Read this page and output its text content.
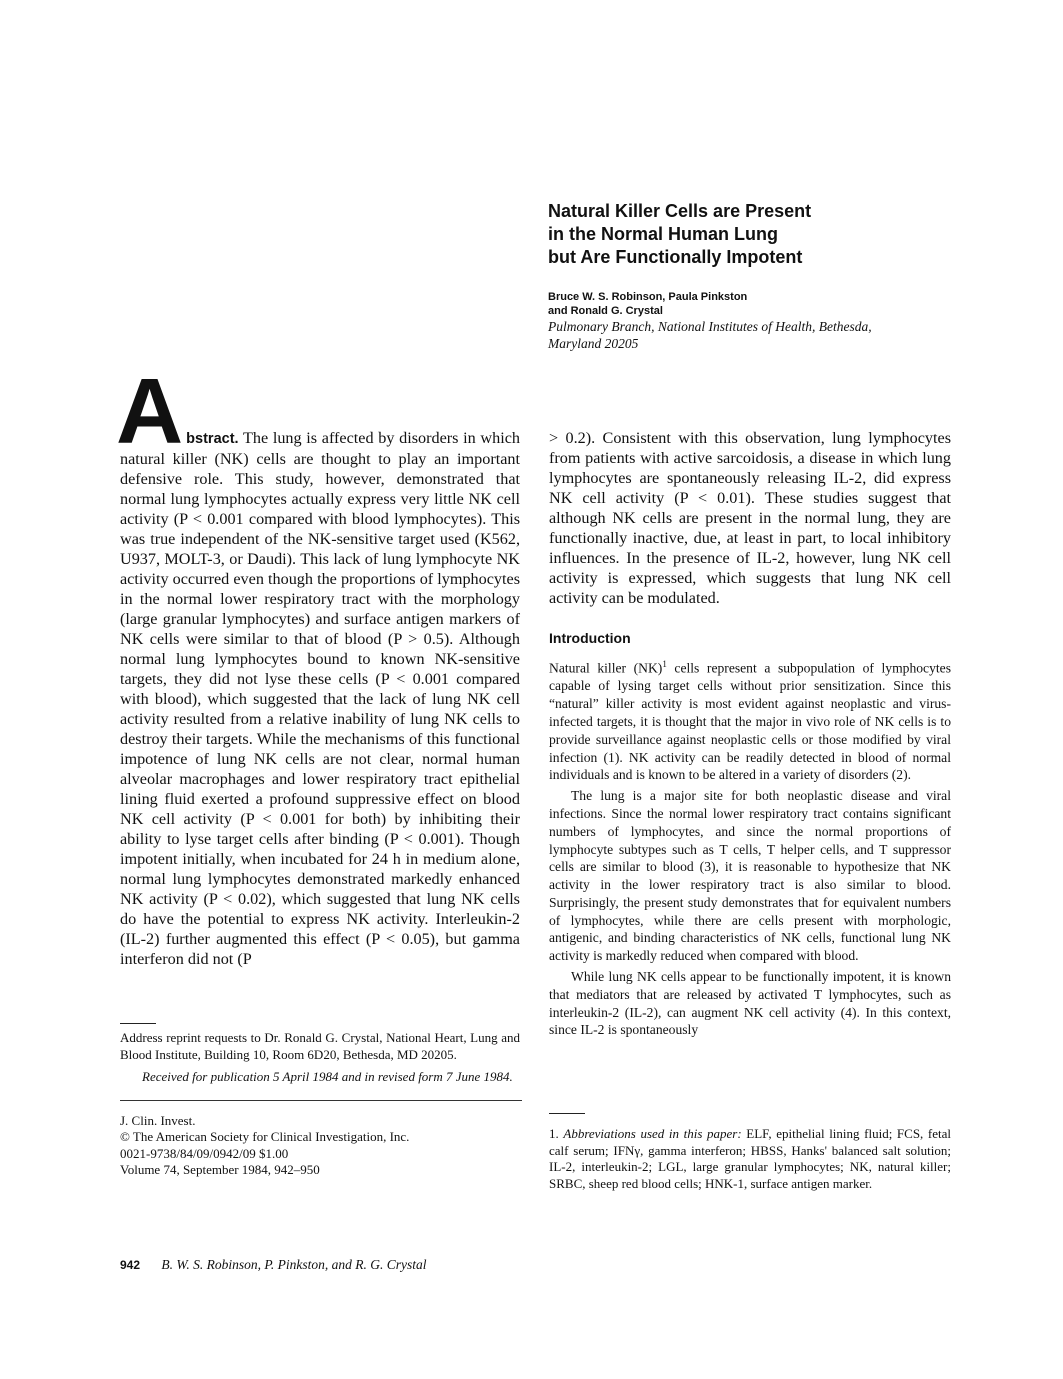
Natural Killer Cells are Present
in the Normal Human Lung
but Are Functionally Impotent
Bruce W. S. Robinson, Paula Pinkston
and Ronald G. Crystal
Pulmonary Branch, National Institutes of Health, Bethesda,
Maryland 20205
A bstract. The lung is affected by disorders in which natural killer (NK) cells are thought to play an important defensive role. This study, however, demonstrated that normal lung lymphocytes actually express very little NK cell activity (P < 0.001 compared with blood lymphocytes). This was true independent of the NK-sensitive target used (K562, U937, MOLT-3, or Daudi). This lack of lung lymphocyte NK activity occurred even though the proportions of lymphocytes in the normal lower respiratory tract with the morphology (large granular lymphocytes) and surface antigen markers of NK cells were similar to that of blood (P > 0.5). Although normal lung lymphocytes bound to known NK-sensitive targets, they did not lyse these cells (P < 0.001 compared with blood), which suggested that the lack of lung NK cell activity resulted from a relative inability of lung NK cells to destroy their targets. While the mechanisms of this functional impotence of lung NK cells are not clear, normal human alveolar macrophages and lower respiratory tract epithelial lining fluid exerted a profound suppressive effect on blood NK cell activity (P < 0.001 for both) by inhibiting their ability to lyse target cells after binding (P < 0.001). Though impotent initially, when incubated for 24 h in medium alone, normal lung lymphocytes demonstrated markedly enhanced NK activity (P < 0.02), which suggested that lung NK cells do have the potential to express NK activity. Interleukin-2 (IL-2) further augmented this effect (P < 0.05), but gamma interferon did not (P

> 0.2). Consistent with this observation, lung lymphocytes from patients with active sarcoidosis, a disease in which lung lymphocytes are spontaneously releasing IL-2, did express NK cell activity (P < 0.01). These studies suggest that although NK cells are present in the normal lung, they are functionally inactive, due, at least in part, to local inhibitory influences. In the presence of IL-2, however, lung NK cell activity is expressed, which suggests that lung NK cell activity can be modulated.

Introduction

Natural killer (NK)$^1$ cells represent a subpopulation of lymphocytes capable of lysing target cells without prior sensitization. Since this “natural” killer activity is most evident against neoplastic and virus-infected targets, it is thought that the major in vivo role of NK cells is to provide surveillance against neoplastic cells or those modified by viral infection (1). NK activity can be readily detected in blood of normal individuals and is known to be altered in a variety of disorders (2).

The lung is a major site for both neoplastic disease and viral infections. Since the normal lower respiratory tract contains significant numbers of lymphocytes, and since the normal proportions of lymphocyte subtypes such as T cells, T helper cells, and T suppressor cells are similar to blood (3), it is reasonable to hypothesize that NK activity in the lower respiratory tract is also similar to blood. Surprisingly, the present study demonstrates that for equivalent numbers of lymphocytes, while there are cells present with morphologic, antigenic, and binding characteristics of NK cells, functional lung NK activity is markedly reduced when compared with blood.

While lung NK cells appear to be functionally impotent, it is known that mediators that are released by activated T lymphocytes, such as interleukin-2 (IL-2), can augment NK cell activity (4). In this context, since IL-2 is spontaneously

Address reprint requests to Dr. Ronald G. Crystal, National Heart, Lung and Blood Institute, Building 10, Room 6D20, Bethesda, MD 20205.

Received for publication 5 April 1984 and in revised form 7 June 1984.

J. Clin. Invest.
© The American Society for Clinical Investigation, Inc.
0021-9738/84/09/0942/09 $1.00
Volume 74, September 1984, 942–950

1. Abbreviations used in this paper: ELF, epithelial lining fluid; FCS, fetal calf serum; IFNγ, gamma interferon; HBSS, Hanks' balanced salt solution; IL-2, interleukin-2; LGL, large granular lymphocytes; NK, natural killer; SRBC, sheep red blood cells; HNK-1, surface antigen marker.

942 B. W. S. Robinson, P. Pinkston, and R. G. Crystal
